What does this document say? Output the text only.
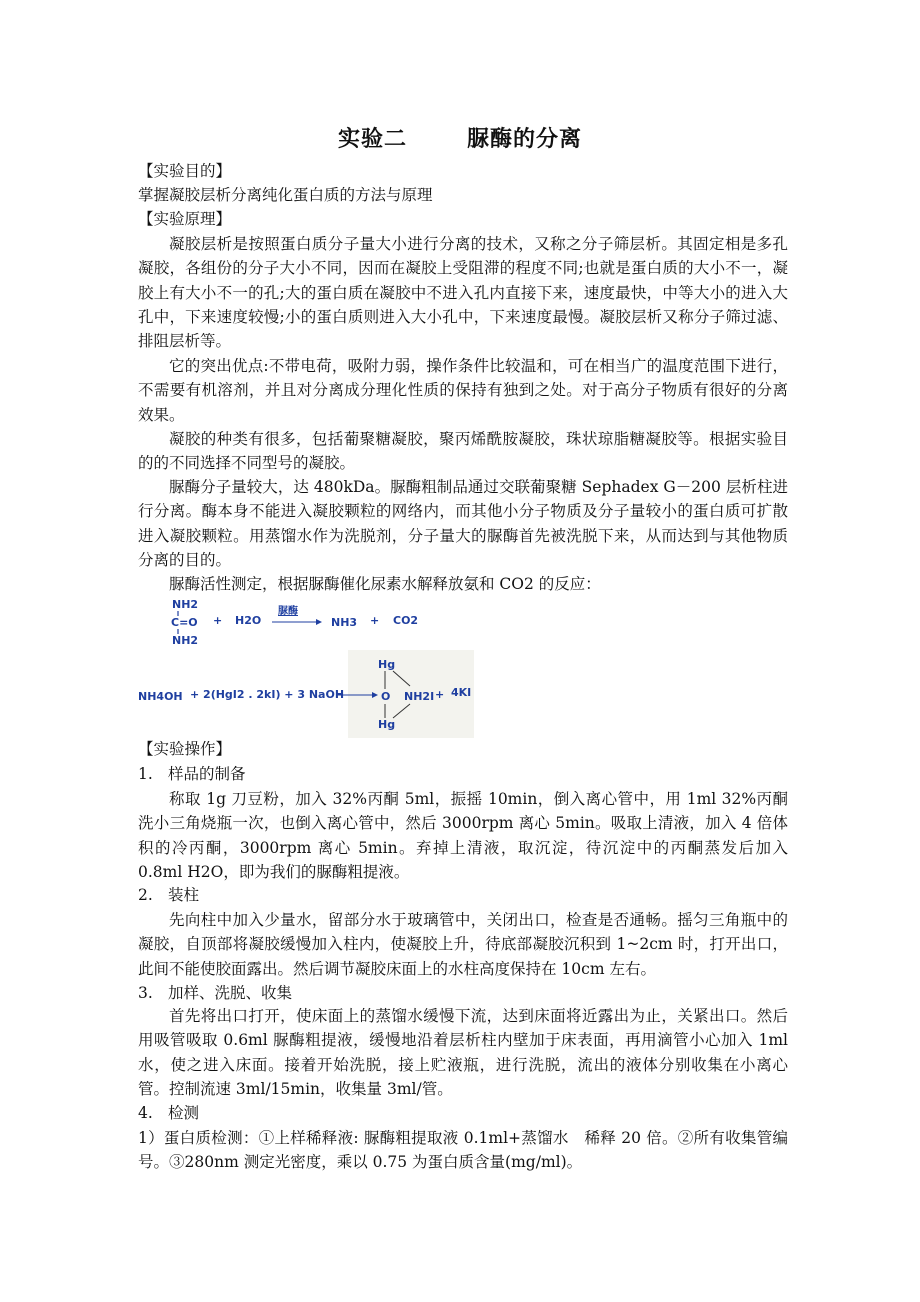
实验二	脲酶的分离
【实验目的】
掌握凝胶层析分离纯化蛋白质的方法与原理
【实验原理】
凝胶层析是按照蛋白质分子量大小进行分离的技术，又称之分子筛层析。其固定相是多孔凝胶，各组份的分子大小不同，因而在凝胶上受阻滞的程度不同;也就是蛋白质的大小不一，凝胶上有大小不一的孔;大的蛋白质在凝胶中不进入孔内直接下来，速度最快，中等大小的进入大孔中，下来速度较慢;小的蛋白质则进入大小孔中，下来速度最慢。凝胶层析又称分子筛过滤、排阻层析等。
它的突出优点:不带电荷，吸附力弱，操作条件比较温和，可在相当广的温度范围下进行，不需要有机溶剂，并且对分离成分理化性质的保持有独到之处。对于高分子物质有很好的分离效果。
凝胶的种类有很多，包括葡聚糖凝胶，聚丙烯酰胺凝胶，珠状琼脂糖凝胶等。根据实验目的的不同选择不同型号的凝胶。
脲酶分子量较大，达 480kDa。脲酶粗制品通过交联葡聚糖 Sephadex G－200 层析柱进行分离。酶本身不能进入凝胶颗粒的网络内，而其他小分子物质及分子量较小的蛋白质可扩散进入凝胶颗粒。用蒸馏水作为洗脱剂，分子量大的脲酶首先被洗脱下来，从而达到与其他物质分离的目的。
脲酶活性测定，根据脲酶催化尿素水解释放氨和 CO2 的反应：
NH2
C=O
NH2
+ H2O
脲酶
NH3 + CO2
NH4OH + 2(HgI2 . 2kI) + 3 NaOH
Hg
O NH2I + 4KI
Hg
【实验操作】
1. 样品的制备
称取 1g 刀豆粉，加入 32%丙酮 5ml，振摇 10min，倒入离心管中，用 1ml 32%丙酮洗小三角烧瓶一次，也倒入离心管中，然后 3000rpm 离心 5min。吸取上清液，加入 4 倍体积的冷丙酮，3000rpm 离心 5min。弃掉上清液，取沉淀，待沉淀中的丙酮蒸发后加入 0.8ml H2O，即为我们的脲酶粗提液。
2. 装柱
先向柱中加入少量水，留部分水于玻璃管中，关闭出口，检查是否通畅。摇匀三角瓶中的凝胶，自顶部将凝胶缓慢加入柱内，使凝胶上升，待底部凝胶沉积到 1~2cm 时，打开出口，此间不能使胶面露出。然后调节凝胶床面上的水柱高度保持在 10cm 左右。
3. 加样、洗脱、收集
首先将出口打开，使床面上的蒸馏水缓慢下流，达到床面将近露出为止，关紧出口。然后用吸管吸取 0.6ml 脲酶粗提液，缓慢地沿着层析柱内壁加于床表面，再用滴管小心加入 1ml 水，使之进入床面。接着开始洗脱，接上贮液瓶，进行洗脱，流出的液体分别收集在小离心管。控制流速 3ml/15min，收集量 3ml/管。
4. 检测
1）蛋白质检测：①上样稀释液: 脲酶粗提取液 0.1ml+蒸馏水　稀释 20 倍。②所有收集管编号。③280nm 测定光密度，乘以 0.75 为蛋白质含量(mg/ml)。
